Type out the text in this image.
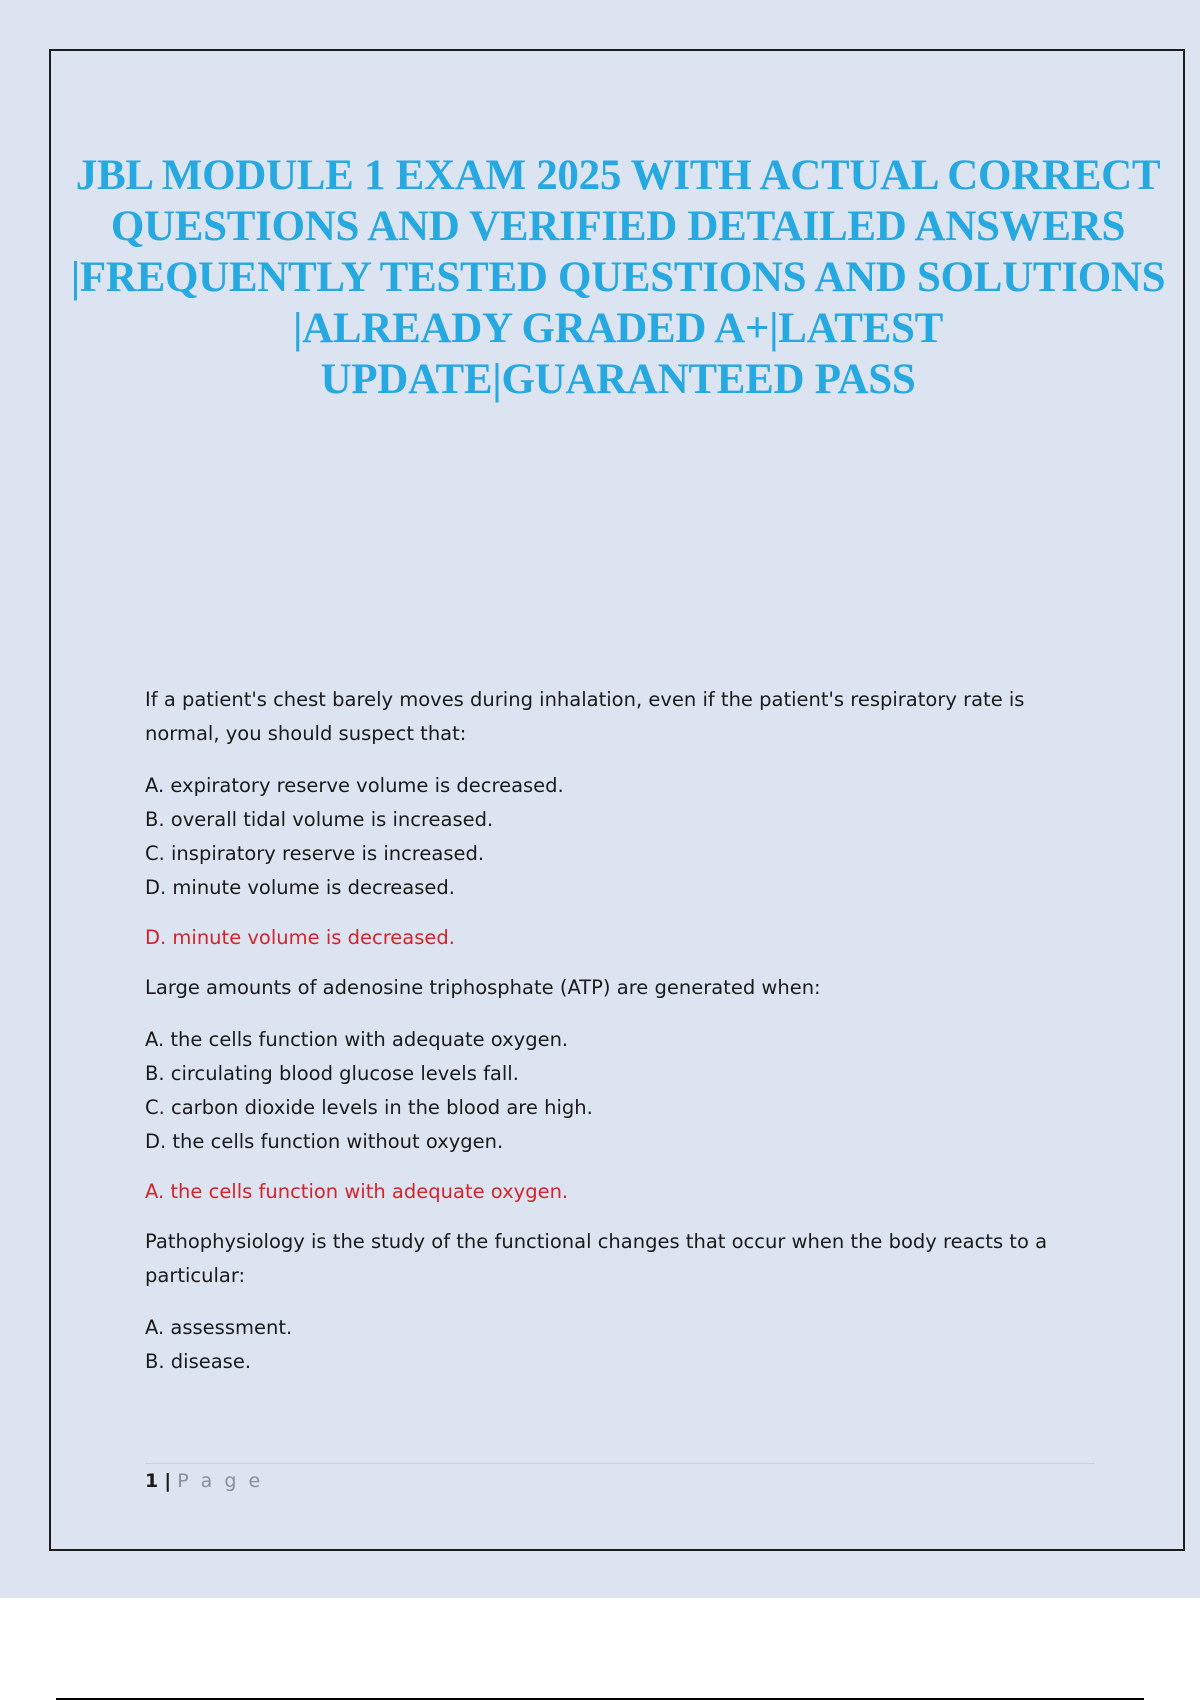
JBL MODULE 1 EXAM 2025 WITH ACTUAL CORRECT QUESTIONS AND VERIFIED DETAILED ANSWERS |FREQUENTLY TESTED QUESTIONS AND SOLUTIONS |ALREADY GRADED A+|LATEST UPDATE|GUARANTEED PASS

If a patient's chest barely moves during inhalation, even if the patient's respiratory rate is normal, you should suspect that:

A. expiratory reserve volume is decreased.
B. overall tidal volume is increased.
C. inspiratory reserve is increased.
D. minute volume is decreased.

D. minute volume is decreased.

Large amounts of adenosine triphosphate (ATP) are generated when:

A. the cells function with adequate oxygen.
B. circulating blood glucose levels fall.
C. carbon dioxide levels in the blood are high.
D. the cells function without oxygen.

A. the cells function with adequate oxygen.

Pathophysiology is the study of the functional changes that occur when the body reacts to a particular:

A. assessment.
B. disease.
1 | P a g e
